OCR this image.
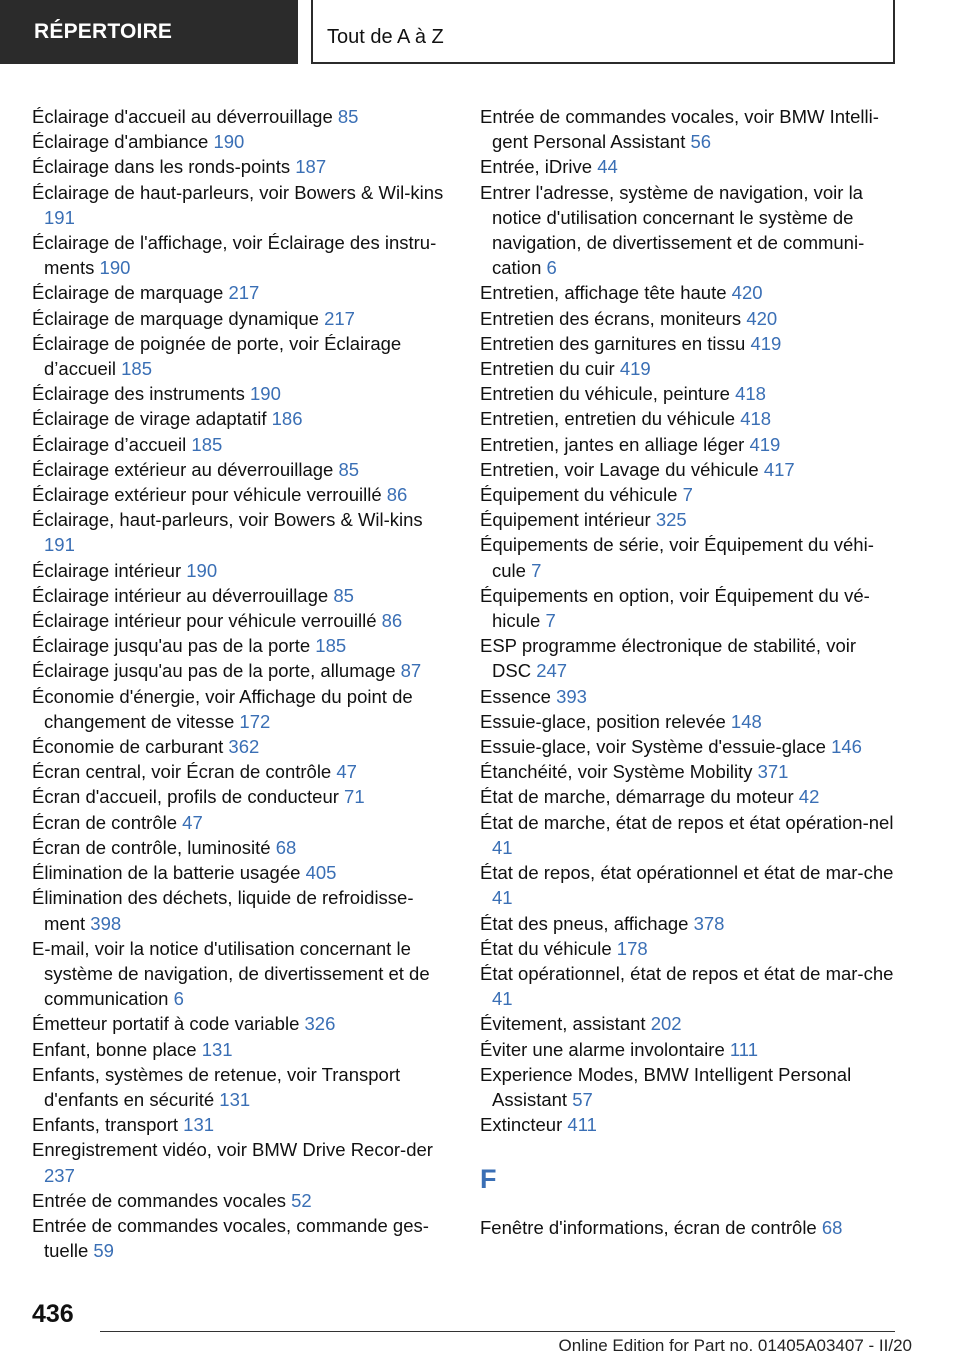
RÉPERTOIRE	Tout de A à Z
Éclairage d'accueil au déverrouillage 85
Éclairage d'ambiance 190
Éclairage dans les ronds-points 187
Éclairage de haut-parleurs, voir Bowers & Wil-kins 191
Éclairage de l'affichage, voir Éclairage des instru-ments 190
Éclairage de marquage 217
Éclairage de marquage dynamique 217
Éclairage de poignée de porte, voir Éclairage d’accueil 185
Éclairage des instruments 190
Éclairage de virage adaptatif 186
Éclairage d’accueil 185
Éclairage extérieur au déverrouillage 85
Éclairage extérieur pour véhicule verrouillé 86
Éclairage, haut-parleurs, voir Bowers & Wil-kins 191
Éclairage intérieur 190
Éclairage intérieur au déverrouillage 85
Éclairage intérieur pour véhicule verrouillé 86
Éclairage jusqu'au pas de la porte 185
Éclairage jusqu'au pas de la porte, allumage 87
Économie d'énergie, voir Affichage du point de changement de vitesse 172
Économie de carburant 362
Écran central, voir Écran de contrôle 47
Écran d'accueil, profils de conducteur 71
Écran de contrôle 47
Écran de contrôle, luminosité 68
Élimination de la batterie usagée 405
Élimination des déchets, liquide de refroidisse-ment 398
E-mail, voir la notice d'utilisation concernant le système de navigation, de divertissement et de communication 6
Émetteur portatif à code variable 326
Enfant, bonne place 131
Enfants, systèmes de retenue, voir Transport d'enfants en sécurité 131
Enfants, transport 131
Enregistrement vidéo, voir BMW Drive Recor-der 237
Entrée de commandes vocales 52
Entrée de commandes vocales, commande ges-tuelle 59
Entrée de commandes vocales, voir BMW Intelli-gent Personal Assistant 56
Entrée, iDrive 44
Entrer l'adresse, système de navigation, voir la notice d'utilisation concernant le système de navigation, de divertissement et de communi-cation 6
Entretien, affichage tête haute 420
Entretien des écrans, moniteurs 420
Entretien des garnitures en tissu 419
Entretien du cuir 419
Entretien du véhicule, peinture 418
Entretien, entretien du véhicule 418
Entretien, jantes en alliage léger 419
Entretien, voir Lavage du véhicule 417
Équipement du véhicule 7
Équipement intérieur 325
Équipements de série, voir Équipement du véhi-cule 7
Équipements en option, voir Équipement du vé-hicule 7
ESP programme électronique de stabilité, voir DSC 247
Essence 393
Essuie-glace, position relevée 148
Essuie-glace, voir Système d'essuie-glace 146
Étanchéité, voir Système Mobility 371
État de marche, démarrage du moteur 42
État de marche, état de repos et état opération-nel 41
État de repos, état opérationnel et état de mar-che 41
État des pneus, affichage 378
État du véhicule 178
État opérationnel, état de repos et état de mar-che 41
Évitement, assistant 202
Éviter une alarme involontaire 111
Experience Modes, BMW Intelligent Personal Assistant 57
Extincteur 411
F
Fenêtre d'informations, écran de contrôle 68
436
Online Edition for Part no. 01405A03407 - II/20
